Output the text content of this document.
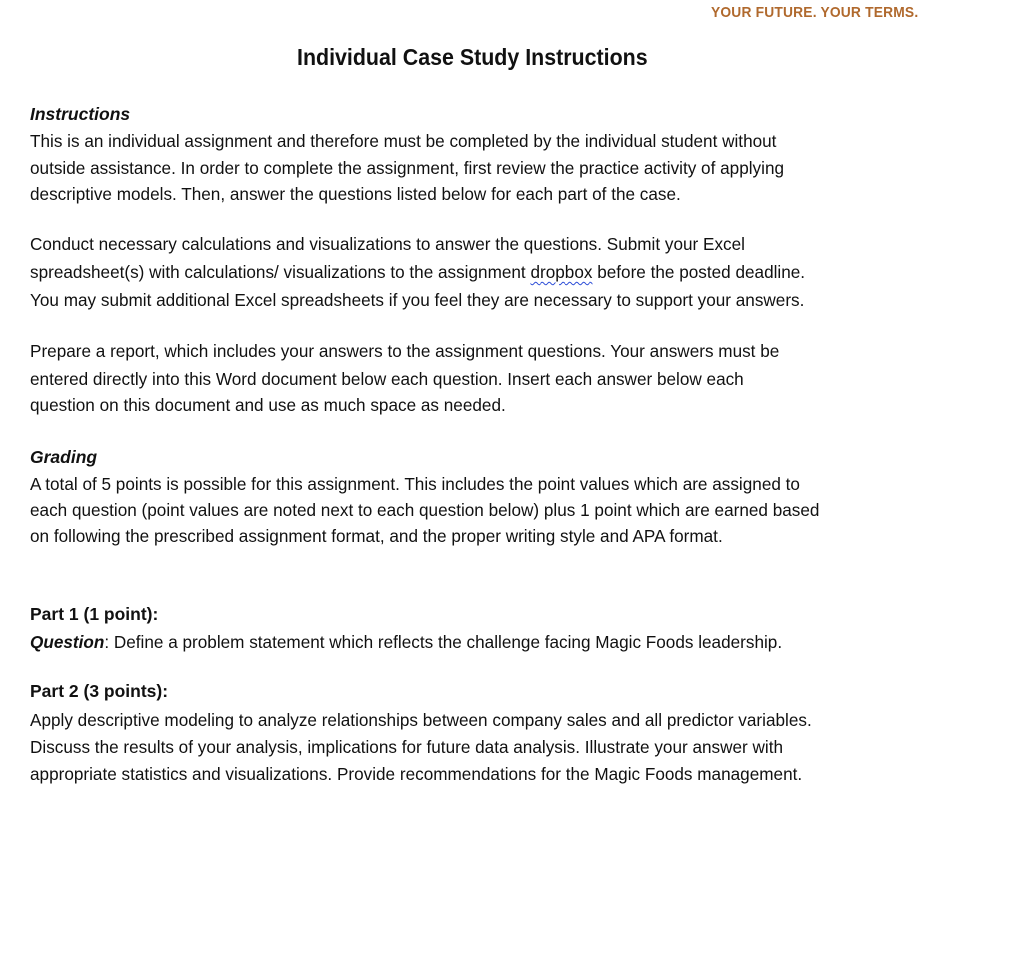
YOUR FUTURE. YOUR TERMS.
Individual Case Study Instructions
Instructions
This is an individual assignment and therefore must be completed by the individual student without
outside assistance. In order to complete the assignment, first review the practice activity of applying
descriptive models. Then, answer the questions listed below for each part of the case.
Conduct necessary calculations and visualizations to answer the questions. Submit your Excel
spreadsheet(s) with calculations/ visualizations to the assignment dropbox before the posted deadline.
You may submit additional Excel spreadsheets if you feel they are necessary to support your answers.
Prepare a report, which includes your answers to the assignment questions. Your answers must be
entered directly into this Word document below each question. Insert each answer below each
question on this document and use as much space as needed.
Grading
A total of 5 points is possible for this assignment. This includes the point values which are assigned to
each question (point values are noted next to each question below) plus 1 point which are earned based
on following the prescribed assignment format, and the proper writing style and APA format.
Part 1 (1 point):
Question: Define a problem statement which reflects the challenge facing Magic Foods leadership.
Part 2 (3 points):
Apply descriptive modeling to analyze relationships between company sales and all predictor variables.
Discuss the results of your analysis, implications for future data analysis. Illustrate your answer with
appropriate statistics and visualizations. Provide recommendations for the Magic Foods management.
